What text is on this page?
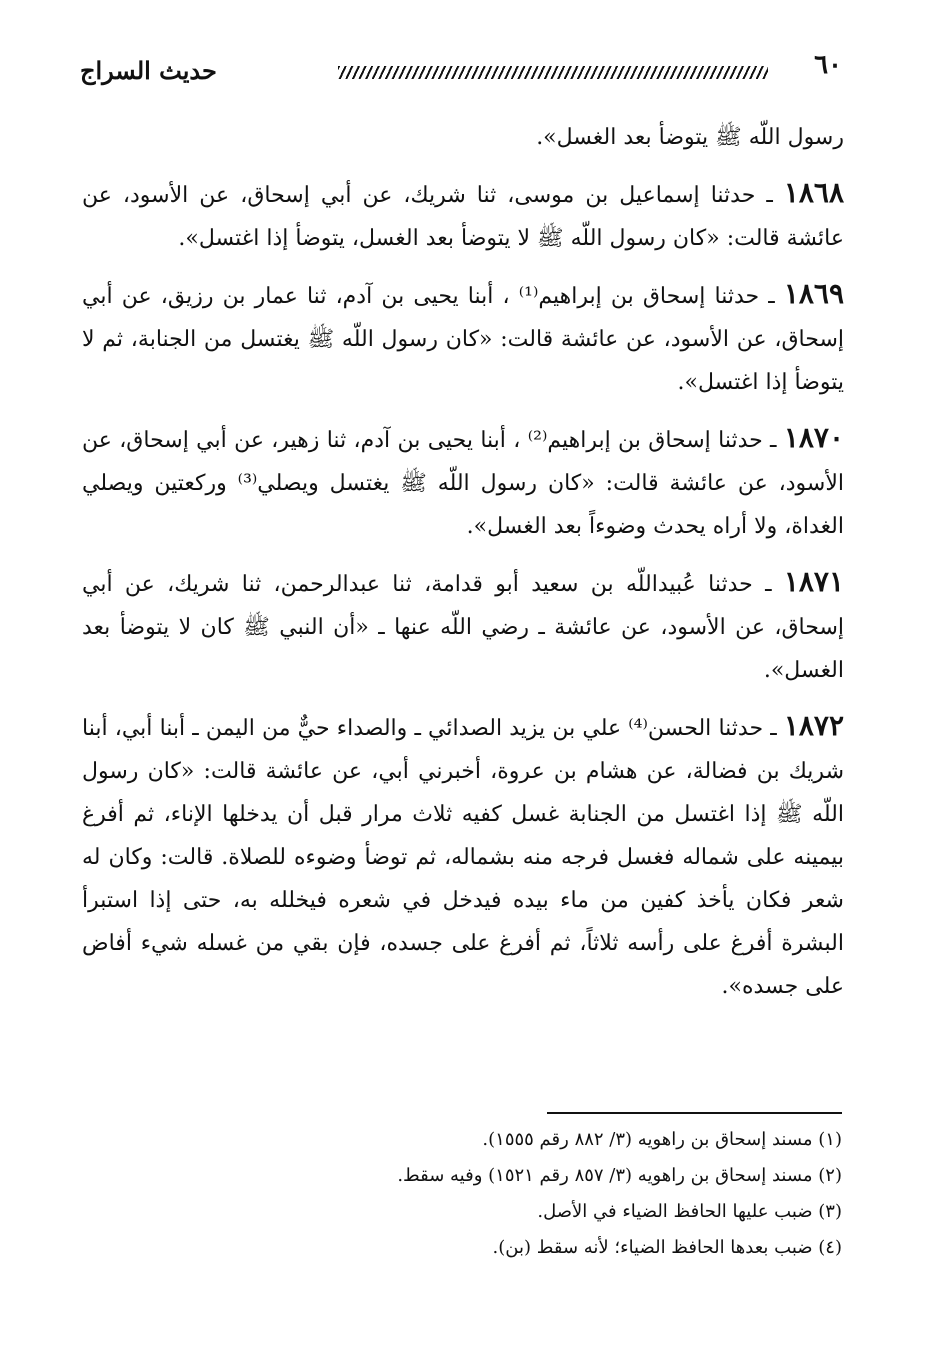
حديث السراج	٦٠

رسول اللّه ﷺ يتوضأ بعد الغسل».

١٨٦٨ ـ حدثنا إسماعيل بن موسى، ثنا شريك، عن أبي إسحاق، عن الأسود، عن عائشة قالت: «كان رسول اللّه ﷺ لا يتوضأ بعد الغسل، يتوضأ إذا اغتسل».

١٨٦٩ ـ حدثنا إسحاق بن إبراهيم⁽¹⁾ ، أبنا يحيى بن آدم، ثنا عمار بن رزيق، عن أبي إسحاق، عن الأسود، عن عائشة قالت: «كان رسول اللّه ﷺ يغتسل من الجنابة، ثم لا يتوضأ إذا اغتسل».

١٨٧٠ ـ حدثنا إسحاق بن إبراهيم⁽²⁾ ، أبنا يحيى بن آدم، ثنا زهير، عن أبي إسحاق، عن الأسود، عن عائشة قالت: «كان رسول اللّه ﷺ يغتسل ويصلي⁽³⁾ وركعتين ويصلي الغداة، ولا أراه يحدث وضوءاً بعد الغسل».

١٨٧١ ـ حدثنا عُبيداللّه بن سعيد أبو قدامة، ثنا عبدالرحمن، ثنا شريك، عن أبي إسحاق، عن الأسود، عن عائشة ـ رضي اللّه عنها ـ «أن النبي ﷺ كان لا يتوضأ بعد الغسل».

١٨٧٢ ـ حدثنا الحسن⁽⁴⁾ علي بن يزيد الصدائي ـ والصداء حيٌّ من اليمن ـ أبنا أبي، أبنا شريك بن فضالة، عن هشام بن عروة، أخبرني أبي، عن عائشة قالت: «كان رسول اللّه ﷺ إذا اغتسل من الجنابة غسل كفيه ثلاث مرار قبل أن يدخلها الإناء، ثم أفرغ بيمينه على شماله فغسل فرجه منه بشماله، ثم توضأ وضوءه للصلاة. قالت: وكان له شعر فكان يأخذ كفين من ماء بيده فيدخل في شعره فيخلله به، حتى إذا استبرأ البشرة أفرغ على رأسه ثلاثاً، ثم أفرغ على جسده، فإن بقي من غسله شيء أفاض على جسده».

(١) مسند إسحاق بن راهويه (٣/ ٨٨٢ رقم ١٥٥٥).

(٢) مسند إسحاق بن راهويه (٣/ ٨٥٧ رقم ١٥٢١) وفيه سقط.

(٣) ضبب عليها الحافظ الضياء في الأصل.

(٤) ضبب بعدها الحافظ الضياء؛ لأنه سقط (بن).
